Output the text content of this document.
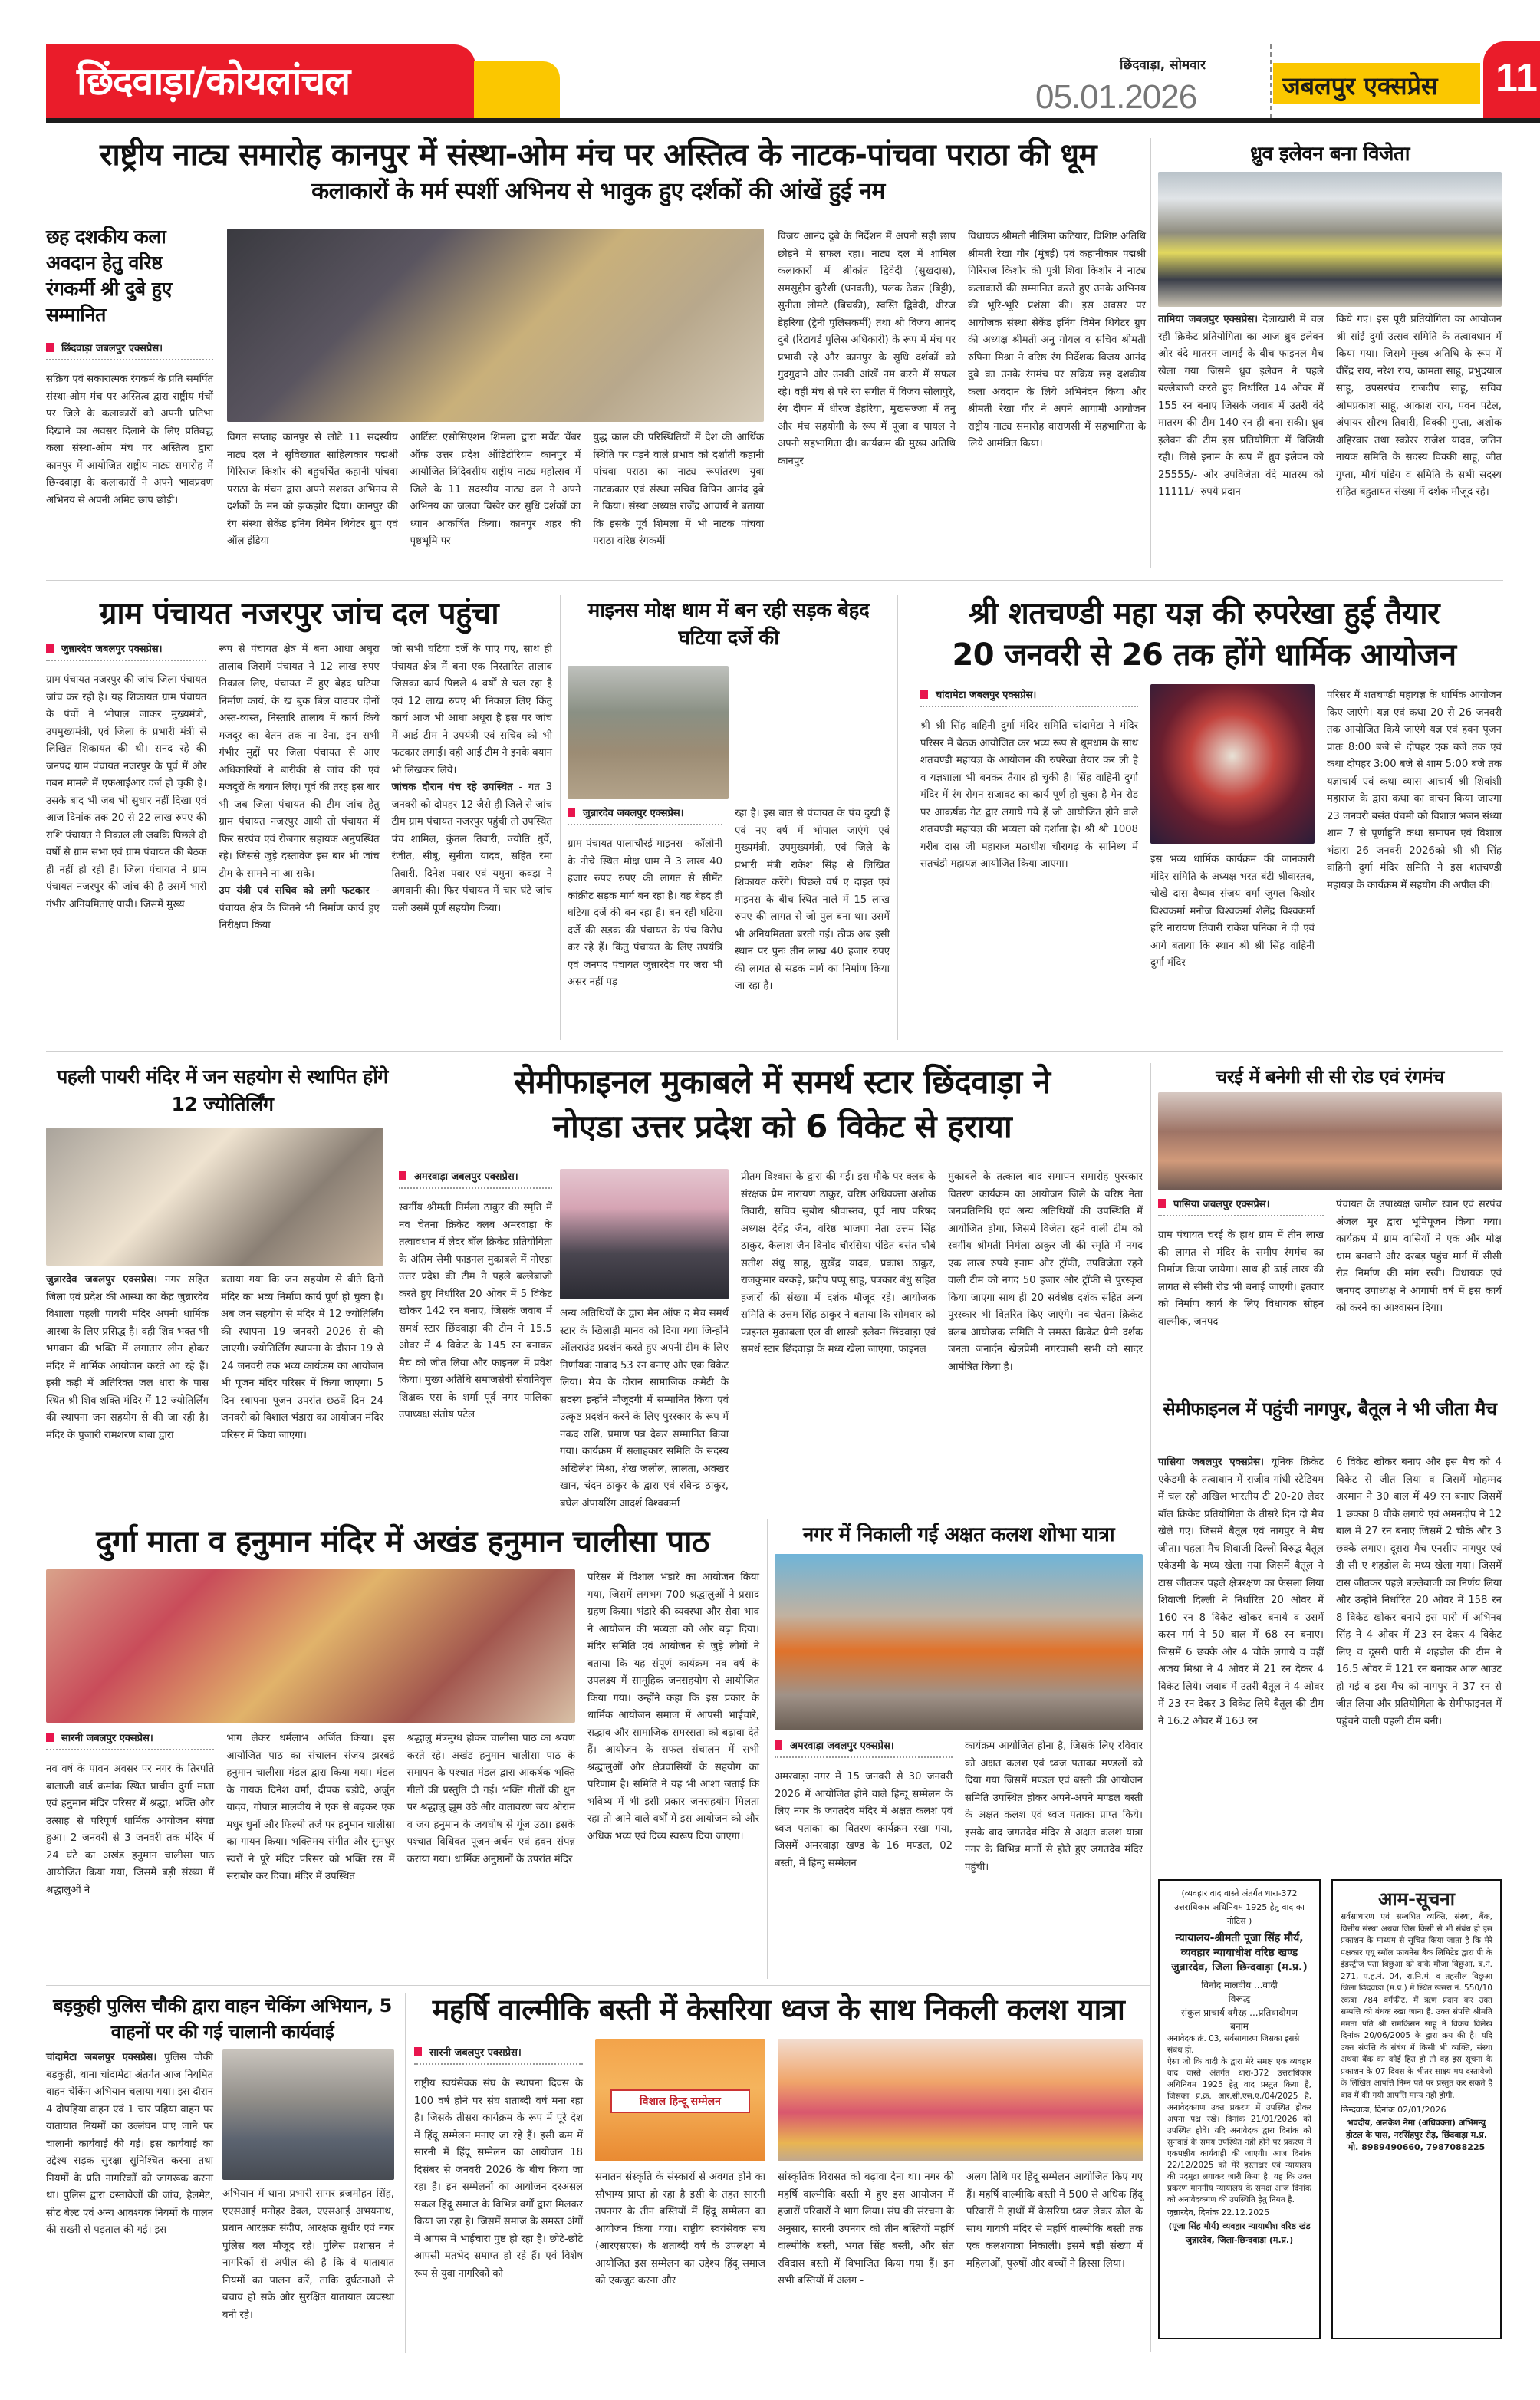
छिंदवाड़ा/कोयलांचल	छिंदवाड़ा, सोमवार
05.01.2026	जबलपुर एक्सप्रेस 11
राष्ट्रीय नाट्य समारोह कानपुर में संस्था-ओम मंच पर अस्तित्व के नाटक-पांचवा पराठा की धूम
कलाकारों के मर्म स्पर्शी अभिनय से भावुक हुए दर्शकों की आंखें हुई नम
छह दशकीय कला अवदान हेतु वरिष्ठ रंगकर्मी श्री दुबे हुए सम्मानित
छिंदवाड़ा जबलपुर एक्सप्रेस।
सक्रिय एवं सकारात्मक रंगकर्म के प्रति समर्पित संस्था-ओम मंच पर अस्तित्व द्वारा राष्ट्रीय मंचों पर जिले के कलाकारों को अपनी प्रतिभा दिखाने का अवसर दिलाने के लिए प्रतिबद्ध कला संस्था-ओम मंच पर अस्तित्व द्वारा कानपुर में आयोजित राष्ट्रीय नाट्य समारोह में छिन्दवाड़ा के कलाकारों ने अपने भावप्रवण अभिनय से अपनी अमिट छाप छोड़ी।
विगत सप्ताह कानपुर से लौटे 11 सदस्यीय नाट्य दल ने सुविख्यात साहित्यकार पद्मश्री गिरिराज किशोर की बहुचर्चित कहानी पांचवा पराठा के मंचन द्वारा अपने सशक्त अभिनय से दर्शकों के मन को झकझोर दिया। कानपुर की रंग संस्था सेकेंड इनिंग विमेन थियेटर ग्रुप एवं ऑल इंडिया
आर्टिस्ट एसोसिएशन शिमला द्वारा मर्चेंट चेंबर ऑफ उत्तर प्रदेश ऑडिटोरियम कानपुर में आयोजित त्रिदिवसीय राष्ट्रीय नाट्य महोत्सव में जिले के 11 सदस्यीय नाट्य दल ने अपने अभिनय का जलवा बिखेर कर सुधि दर्शकों का ध्यान आकर्षित किया। कानपुर शहर की पृष्ठभूमि पर
युद्ध काल की परिस्थितियों में देश की आर्थिक स्थिति पर पड़ने वाले प्रभाव को दर्शाती कहानी पांचवा पराठा का नाट्य रूपांतरण युवा नाटककार एवं संस्था सचिव विपिन आनंद दुबे ने किया। संस्था अध्यक्ष राजेंद्र आचार्य ने बताया कि इसके पूर्व शिमला में भी नाटक पांचवा पराठा वरिष्ठ रंगकर्मी
विजय आनंद दुबे के निर्देशन में अपनी सही छाप छोड़ने में सफल रहा। नाट्य दल में शामिल कलाकारों में श्रीकांत द्विवेदी (सुखदास), समसुद्दीन कुरैशी (धनवती), पलक ठेकर (बिट्टी), सुनीता लोमटे (बिचकी), स्वस्ति द्विवेदी, धीरज डेहरिया (ट्रेनी पुलिसकर्मी) तथा श्री विजय आनंद दुबे (रिटायर्ड पुलिस अधिकारी) के रूप में मंच पर प्रभावी रहे और कानपुर के सुधि दर्शकों को गुदगुदाने और उनकी आंखें नम करने में सफल रहे। वहीं मंच से परे रंग संगीत में विजय सोलापुरे, रंग दीपन में धीरज डेहरिया, मुखसज्जा में तनु और मंच सहयोगी के रूप में पूजा व पायल ने अपनी सहभागिता दी। कार्यक्रम की मुख्य अतिथि कानपुर
विधायक श्रीमती नीलिमा कटियार, विशिष्ट अतिथि श्रीमती रेखा गौर (मुंबई) एवं कहानीकार पद्मश्री गिरिराज किशोर की पुत्री शिवा किशोर ने नाट्य कलाकारों की सम्मानित करते हुए उनके अभिनय की भूरि-भूरि प्रशंसा की। इस अवसर पर आयोजक संस्था सेकेंड इनिंग विमेन थियेटर ग्रुप की अध्यक्ष श्रीमती अनु गोयल व सचिव श्रीमती रुपिना मिश्रा ने वरिष्ठ रंग निर्देशक विजय आनंद दुबे का उनके रंगमंच पर सक्रिय छह दशकीय कला अवदान के लिये अभिनंदन किया और श्रीमती रेखा गौर ने अपने आगामी आयोजन राष्ट्रीय नाट्य समारोह वाराणसी में सहभागिता के लिये आमंत्रित किया।
ध्रुव इलेवन बना विजेता
तामिया जबलपुर एक्सप्रेस। देलाखारी में चल रही क्रिकेट प्रतियोगिता का आज ध्रुव इलेवन ओर वंदे मातरम जामई के बीच फाइनल मैच खेला गया जिसमे ध्रुव इलेवन ने पहले बल्लेबाजी करते हुए निर्धारित 14 ओवर में 155 रन बनाए जिसके जवाब में उतरी वंदे मातरम की टीम 140 रन ही बना सकी। ध्रुव इलेवन की टीम इस प्रतियोगिता में विजियी रही। जिसे इनाम के रूप में ध्रुव इलेवन को 25555/- ओर उपविजेता वंदे मातरम को 11111/- रुपये प्रदान
किये गए। इस पूरी प्रतियोगिता का आयोजन श्री सांई दुर्गा उत्सव समिति के तत्वावधान में किया गया। जिसमे मुख्य अतिथि के रूप में वीरेंद्र राय, नरेश राय, कामता साहू, प्रभुदयाल साहू, उपसरपंच राजदीप साहू, सचिव ओमप्रकाश साहू, आकाश राय, पवन पटेल, अंपायर सौरभ तिवारी, विक्की गुप्ता, अशोक अहिरवार तथा स्कोरर राजेश यादव, जतिन नायक समिति के सदस्य विक्की साहू, जीत गुप्ता, मौर्य पांडेय व समिति के सभी सदस्य सहित बहुतायत संख्या में दर्शक मौजूद रहे।
ग्राम पंचायत नजरपुर जांच दल पहुंचा
जुन्नारदेव जबलपुर एक्सप्रेस।
ग्राम पंचायत नजरपुर की जांच जिला पंचायत जांच कर रही है। यह शिकायत ग्राम पंचायत के पंचों ने भोपाल जाकर मुख्यमंत्री, उपमुख्यमंत्री, एवं जिला के प्रभारी मंत्री से लिखित शिकायत की थी। सनद रहे की जनपद ग्राम पंचायत नजरपुर के पूर्व में और गबन मामले में एफआईआर दर्ज हो चुकी है। उसके बाद भी जब भी सुधार नहीं दिखा एवं आज दिनांक तक 20 से 22 लाख रुपए की राशि पंचायत ने निकाल ली जबकि पिछले दो वर्षों से ग्राम सभा एवं ग्राम पंचायत की बैठक ही नहीं हो रही है। जिला पंचायत ने ग्राम पंचायत नजरपुर की जांच की है उसमें भारी गंभीर अनियमिताएं पायी। जिसमें मुख्य
रूप से पंचायत क्षेत्र में बना आधा अधूरा तालाब जिसमें पंचायत ने 12 लाख रुपए निकाल लिए, पंचायत में हुए बेहद घटिया निर्माण कार्य, के ख बुक बिल वाउचर दोनों अस्त-व्यस्त, निस्तारि तालाब में कार्य किये मजदूर का वेतन तक ना देना, इन सभी गंभीर मुद्दों पर जिला पंचायत से आए अधिकारियों ने बारीकी से जांच की एवं मजदूरों के बयान लिए। पूर्व की तरह इस बार भी जब जिला पंचायत की टीम जांच हेतु ग्राम पंचायत नजरपुर आयी तो पंचायत में फिर सरपंच एवं रोजगार सहायक अनुपस्थित रहे। जिससे जुड़े दस्तावेज इस बार भी जांच टीम के सामने ना आ सके।
उप यंत्री एवं सचिव को लगी फटकार - पंचायत क्षेत्र के जितने भी निर्माण कार्य हुए निरीक्षण किया
जो सभी घटिया दर्जे के पाए गए, साथ ही पंचायत क्षेत्र में बना एक निस्तारित तालाब जिसका कार्य पिछले 4 वर्षों से चल रहा है एवं 12 लाख रुपए भी निकाल लिए किंतु कार्य आज भी आधा अधूरा है इस पर जांच में आई टीम ने उपयंत्री एवं सचिव को भी फटकार लगाई। वही आई टीम ने इनके बयान भी लिखकर लिये।
जांचक दौरान पंच रहे उपस्थित - गत 3 जनवरी को दोपहर 12 जैसे ही जिले से जांच टीम ग्राम पंचायत नजरपुर पहुंची तो उपस्थित पंच शामिल, कुंतल तिवारी, ज्योति धुर्वे, रंजीत, सीबू, सुनीता यादव, सहित रमा तिवारी, दिनेश पवार एवं यमुना कवड़ा ने अगवानी की। फिर पंचायत में चार घंटे जांच चली उसमें पूर्ण सहयोग किया।
माइनस मोक्ष धाम में बन रही सड़क बेहद घटिया दर्जे की
जुन्नारदेव जबलपुर एक्सप्रेस।
ग्राम पंचायत पालाचौरई माइनस - कॉलोनी के नीचे स्थित मोक्ष धाम में 3 लाख 40 हजार रुपए रुपए की लागत से सीमेंट कांक्रीट सड़क मार्ग बन रहा है। वह बेहद ही घटिया दर्जे की बन रहा है। बन रही घटिया दर्जे की सड़क की पंचायत के पंच विरोध कर रहे हैं। किंतु पंचायत के लिए उपयंत्रि एवं जनपद पंचायत जुन्नारदेव पर जरा भी असर नहीं पड़
रहा है। इस बात से पंचायत के पंच दुखी हैं एवं नए वर्ष में भोपाल जाएंगे एवं मुख्यमंत्री, उपमुख्यमंत्री, एवं जिले के प्रभारी मंत्री राकेश सिंह से लिखित शिकायत करेंगे। पिछले वर्ष ए दाइत एवं माइनस के बीच स्थित नाले में 15 लाख रुपए की लागत से जो पुल बना था। उसमें भी अनियमितता बरती गई। ठीक अब इसी स्थान पर पुनः तीन लाख 40 हजार रुपए की लागत से सड़क मार्ग का निर्माण किया जा रहा है।
श्री शतचण्डी महा यज्ञ की रुपरेखा हुई तैयार
20 जनवरी से 26 तक होंगे धार्मिक आयोजन
चांदामेटा जबलपुर एक्सप्रेस।
श्री श्री सिंह वाहिनी दुर्गा मंदिर समिति चांदामेटा ने मंदिर परिसर में बैठक आयोजित कर भव्य रूप से धूमधाम के साथ शतचण्डी महायज्ञ के आयोजन की रुपरेखा तैयार कर ली है व यज्ञशाला भी बनकर तैयार हो चुकी है। सिंह वाहिनी दुर्गा मंदिर में रंग रोगन सजावट का कार्य पूर्ण हो चुका है मेन रोड पर आकर्षक गेट द्वार लगाये गये हैं जो आयोजित होने वाले शतचण्डी महायज्ञ की भव्यता को दर्शाता है। श्री श्री 1008 गरीब दास जी महाराज मठाधीश चौरागढ़ के सानिध्य में सतचंडी महायज्ञ आयोजित किया जाएगा।	इस भव्य धार्मिक कार्यक्रम की जानकारी मंदिर समिति के अध्यक्ष भरत बंटी श्रीवास्तव, चोखे दास वैष्णव संजय वर्मा जुगल किशोर विश्वकर्मा मनोज विश्वकर्मा शैलेंद्र विश्वकर्मा हरि नारायण तिवारी राकेश पनिका ने दी एवं आगे बताया कि स्थान श्री श्री सिंह वाहिनी दुर्गा मंदिर
परिसर मैं शतचण्डी महायज्ञ के धार्मिक आयोजन किए जाएंगे। यज्ञ एवं कथा 20 से 26 जनवरी तक आयोजित किये जाएंगे यज्ञ एवं हवन पूजन प्रातः 8:00 बजे से दोपहर एक बजे तक एवं कथा दोपहर 3:00 बजे से शाम 5:00 बजे तक यज्ञाचार्य एवं कथा व्यास आचार्य श्री शिवांशी महाराज के द्वारा कथा का वाचन किया जाएगा 23 जनवरी बसंत पंचमी को विशाल भजन संध्या शाम 7 से पूर्णाहुति कथा समापन एवं विशाल भंडारा 26 जनवरी 2026को श्री श्री सिंह वाहिनी दुर्गा मंदिर समिति ने इस शतचण्डी महायज्ञ के कार्यक्रम में सहयोग की अपील की।
पहली पायरी मंदिर में जन सहयोग से स्थापित होंगे 12 ज्योतिर्लिंग
जुन्नारदेव जबलपुर एक्सप्रेस। नगर सहित जिला एवं प्रदेश की आस्था का केंद्र जुन्नारदेव विशाला पहली पायरी मंदिर अपनी धार्मिक आस्था के लिए प्रसिद्ध है। वही शिव भक्त भी भगवान की भक्ति में लगातार लीन होकर मंदिर में धार्मिक आयोजन करते आ रहे हैं। इसी कड़ी में अतिरिक्त जल धारा के पास स्थित श्री शिव शक्ति मंदिर में 12 ज्योतिर्लिंग की स्थापना जन सहयोग से की जा रही है। मंदिर के पुजारी रामशरण बाबा द्वारा
बताया गया कि जन सहयोग से बीते दिनों मंदिर का भव्य निर्माण कार्य पूर्ण हो चुका है। अब जन सहयोग से मंदिर में 12 ज्योतिर्लिंग की स्थापना 19 जनवरी 2026 से की जाएगी। ज्योतिर्लिंग स्थापना के दौरान 19 से 24 जनवरी तक भव्य कार्यक्रम का आयोजन भी पूजन मंदिर परिसर में किया जाएगा। 5 दिन स्थापना पूजन उपरांत छठवें दिन 24 जनवरी को विशाल भंडारा का आयोजन मंदिर परिसर में किया जाएगा।
सेमीफाइनल मुकाबले में समर्थ स्टार छिंदवाड़ा ने
नोएडा उत्तर प्रदेश को 6 विकेट से हराया
अमरवाड़ा जबलपुर एक्सप्रेस।
स्वर्गीय श्रीमती निर्मला ठाकुर की स्मृति में नव चेतना क्रिकेट क्लब अमरवाड़ा के तत्वावधान में लेदर बॉल क्रिकेट प्रतियोगिता के अंतिम सेमी फाइनल मुकाबले में नोएडा उत्तर प्रदेश की टीम ने पहले बल्लेबाजी करते हुए निर्धारित 20 ओवर में 5 विकेट खोकर 142 रन बनाए, जिसके जवाब में समर्थ स्टार छिंदवाड़ा की टीम ने 15.5 ओवर में 4 विकेट के 145 रन बनाकर मैच को जीत लिया और फाइनल में प्रवेश किया। मुख्य अतिथि समाजसेवी सेवानिवृत्त शिक्षक एस के शर्मा पूर्व नगर पालिका उपाध्यक्ष संतोष पटेल
अन्य अतिथियों के द्वारा मैन ऑफ द मैच समर्थ स्टार के खिलाड़ी मानव को दिया गया जिन्होंने ऑलराउंड प्रदर्शन करते हुए अपनी टीम के लिए निर्णायक नाबाद 53 रन बनाए और एक विकेट लिया। मैच के दौरान सामाजिक कमेटी के सदस्य इन्होंने मौजूदगी में सम्मानित किया एवं उत्कृष्ट प्रदर्शन करने के लिए पुरस्कार के रूप में नकद राशि, प्रमाण पत्र देकर सम्मानित किया गया। कार्यक्रम में सलाहकार समिति के सदस्य अखिलेश मिश्रा, शेख जलील, लालता, अक्खर खान, चंदन ठाकुर के द्वारा एवं रविन्द्र ठाकुर, बघेल अंपायरिंग आदर्श विश्वकर्मा
प्रीतम विश्वास के द्वारा की गई। इस मौके पर क्लब के संरक्षक प्रेम नारायण ठाकुर, वरिष्ठ अधिवक्ता अशोक तिवारी, सचिव सुबोध श्रीवास्तव, पूर्व नाप परिषद अध्यक्ष देवेंद्र जैन, वरिष्ठ भाजपा नेता उत्तम सिंह ठाकुर, कैलाश जैन विनोद चौरसिया पंडित बसंत चौबे सतीश संधु साहू, सुखेंद्र यादव, प्रकाश ठाकुर, राजकुमार बरकड़े, प्रदीप पप्पू साहू, पत्रकार बंधु सहित हजारों की संख्या में दर्शक मौजूद रहे। आयोजक समिति के उत्तम सिंह ठाकुर ने बताया कि सोमवार को फाइनल मुकाबला एल वी शास्त्री इलेवन छिंदवाड़ा एवं समर्थ स्टार छिंदवाड़ा के मध्य खेला जाएगा, फाइनल
मुकाबले के तत्काल बाद समापन समारोह पुरस्कार वितरण कार्यक्रम का आयोजन जिले के वरिष्ठ नेता जनप्रतिनिधि एवं अन्य अतिथियों की उपस्थिति में आयोजित होगा, जिसमें विजेता रहने वाली टीम को स्वर्गीय श्रीमती निर्मला ठाकुर जी की स्मृति में नगद एक लाख रुपये इनाम और ट्रॉफी, उपविजेता रहने वाली टीम को नगद 50 हजार और ट्रॉफी से पुरस्कृत किया जाएगा साथ ही 20 सर्वश्रेष्ठ दर्शक सहित अन्य पुरस्कार भी वितरित किए जाएंगे। नव चेतना क्रिकेट क्लब आयोजक समिति ने समस्त क्रिकेट प्रेमी दर्शक जनता जनार्दन खेलप्रेमी नगरवासी सभी को सादर आमंत्रित किया है।
चरई में बनेगी सी सी रोड एवं रंगमंच
पासिया जबलपुर एक्सप्रेस।
ग्राम पंचायत चरई के हाथ ग्राम में तीन लाख की लागत से मंदिर के समीप रंगमंच का निर्माण किया जायेगा। साथ ही ढाई लाख की लागत से सीसी रोड भी बनाई जाएगी। इतवार को निर्माण कार्य के लिए विधायक सोहन वाल्मीक, जनपद
पंचायत के उपाध्यक्ष जमील खान एवं सरपंच अंजल मुर द्वारा भूमिपूजन किया गया। कार्यक्रम में ग्राम वासियों ने एक और मोक्ष धाम बनवाने और दरबड़ पहुंच मार्ग में सीसी रोड निर्माण की मांग रखी। विधायक एवं जनपद उपाध्यक्ष ने आगामी वर्ष में इस कार्य को करने का आश्वासन दिया।
सेमीफाइनल में पहुंची नागपुर, बैतूल ने भी जीता मैच
पासिया जबलपुर एक्सप्रेस। यूनिक क्रिकेट एकेडमी के तत्वाधान में राजीव गांधी स्टेडियम में चल रही अखिल भारतीय टी 20-20 लेदर बॉल क्रिकेट प्रतियोगिता के तीसरे दिन दो मैच खेले गए। जिसमें बैतूल एवं नागपुर ने मैच जीता। पहला मैच शिवाजी दिल्ली विरुद्ध बैतूल एकेडमी के मध्य खेला गया जिसमें बैतूल ने टास जीतकर पहले क्षेत्ररक्षण का फैसला लिया शिवाजी दिल्ली ने निर्धारित 20 ओवर में 160 रन 8 विकेट खोकर बनाये व उसमें करन गर्ग ने 50 बाल में 68 रन बनाए। जिसमें 6 छक्के और 4 चौके लगाये व वहीं अजय मिश्रा ने 4 ओवर में 21 रन देकर 4 विकेट लिये। जवाब में उतरी बैतूल ने 4 ओवर में 23 रन देकर 3 विकेट लिये बैतूल की टीम ने 16.2 ओवर में 163 रन
6 विकेट खोकर बनाए और इस मैच को 4 विकेट से जीत लिया व जिसमें मोहम्मद अरमान ने 30 बाल में 49 रन बनाए जिसमें 1 छक्का 8 चौके लगाये एवं अमनदीप ने 12 बाल में 27 रन बनाए जिसमें 2 चौके और 3 छक्के लगाए। दूसरा मैच एनसीए नागपुर एवं डी सी ए शहडोल के मध्य खेला गया। जिसमें टास जीतकर पहले बल्लेबाजी का निर्णय लिया और उन्होंने निर्धारित 20 ओवर में 158 रन 8 विकेट खोकर बनाये इस पारी में अभिनव सिंह ने 4 ओवर में 23 रन देकर 4 विकेट लिए व दूसरी पारी में शहडोल की टीम ने 16.5 ओवर में 121 रन बनाकर आल आउट हो गई व इस मैच को नागपुर ने 37 रन से जीत लिया और प्रतियोगिता के सेमीफाइनल में पहुंचने वाली पहली टीम बनी।
दुर्गा माता व हनुमान मंदिर में अखंड हनुमान चालीसा पाठ
सारनी जबलपुर एक्सप्रेस।
नव वर्ष के पावन अवसर पर नगर के तिरपति बालाजी वार्ड क्रमांक स्थित प्राचीन दुर्गा माता एवं हनुमान मंदिर परिसर में श्रद्धा, भक्ति और उत्साह से परिपूर्ण धार्मिक आयोजन संपन्न हुआ। 2 जनवरी से 3 जनवरी तक मंदिर में 24 घंटे का अखंड हनुमान चालीसा पाठ आयोजित किया गया, जिसमें बड़ी संख्या में श्रद्धालुओं ने
भाग लेकर धर्मलाभ अर्जित किया। इस आयोजित पाठ का संचालन संजय झरबडे हनुमान चालीसा मंडल द्वारा किया गया। मंडल के गायक दिनेश वर्मा, दीपक बड़ोदे, अर्जुन यादव, गोपाल मालवीय ने एक से बढ़कर एक मधुर धुनों और फिल्मी तर्ज पर हनुमान चालीसा का गायन किया। भक्तिमय संगीत और सुमधुर स्वरों ने पूरे मंदिर परिसर को भक्ति रस में सराबोर कर दिया। मंदिर में उपस्थित
श्रद्धालु मंत्रमुग्ध होकर चालीसा पाठ का श्रवण करते रहे। अखंड हनुमान चालीसा पाठ के समापन के पश्चात मंडल द्वारा आकर्षक भक्ति गीतों की प्रस्तुति दी गई। भक्ति गीतों की धुन पर श्रद्धालु झूम उठे और वातावरण जय श्रीराम व जय हनुमान के जयघोष से गूंज उठा। इसके पश्चात विधिवत पूजन-अर्चन एवं हवन संपन्न कराया गया। धार्मिक अनुष्ठानों के उपरांत मंदिर
परिसर में विशाल भंडारे का आयोजन किया गया, जिसमें लगभग 700 श्रद्धालुओं ने प्रसाद ग्रहण किया। भंडारे की व्यवस्था और सेवा भाव ने आयोजन की भव्यता को और बढ़ा दिया। मंदिर समिति एवं आयोजन से जुड़े लोगों ने बताया कि यह संपूर्ण कार्यक्रम नव वर्ष के उपलक्ष्य में सामूहिक जनसहयोग से आयोजित किया गया। उन्होंने कहा कि इस प्रकार के धार्मिक आयोजन समाज में आपसी भाईचारे, सद्भाव और सामाजिक समरसता को बढ़ावा देते हैं। आयोजन के सफल संचालन में सभी श्रद्धालुओं और क्षेत्रवासियों के सहयोग का परिणाम है। समिति ने यह भी आशा जताई कि भविष्य में भी इसी प्रकार जनसहयोग मिलता रहा तो आने वाले वर्षों में इस आयोजन को और अधिक भव्य एवं दिव्य स्वरूप दिया जाएगा।
नगर में निकाली गई अक्षत कलश शोभा यात्रा
अमरवाड़ा जबलपुर एक्सप्रेस।
अमरवाड़ा नगर में 15 जनवरी से 30 जनवरी 2026 में आयोजित होने वाले हिन्दू सम्मेलन के लिए नगर के जगतदेव मंदिर में अक्षत कलश एवं ध्वज पताका का वितरण कार्यक्रम रखा गया, जिसमें अमरवाड़ा खण्ड के 16 मण्डल, 02 बस्ती, में हिन्दु सम्मेलन
कार्यक्रम आयोजित होना है, जिसके लिए रविवार को अक्षत कलश एवं ध्वज पताका मण्डलों को दिया गया जिसमें मण्डल एवं बस्ती की आयोजन समिति उपस्थित होकर अपने-अपने मण्डल बस्ती के अक्षत कलश एवं ध्वज पताका प्राप्त किये। इसके बाद जगतदेव मंदिर से अक्षत कलश यात्रा नगर के विभिन्न मार्गो से होते हुए जगतदेव मंदिर पहुंची।
बड़कुही पुलिस चौकी द्वारा वाहन चेकिंग अभियान, 5 वाहनों पर की गई चालानी कार्यवाई
चांदामेटा जबलपुर एक्सप्रेस। पुलिस चौकी बड़कुही, थाना चांदामेटा अंतर्गत आज नियमित वाहन चेकिंग अभियान चलाया गया। इस दौरान 4 दोपहिया वाहन एवं 1 चार पहिया वाहन पर यातायात नियमों का उल्लंघन पाए जाने पर चालानी कार्यवाई की गई। इस कार्यवाई का उद्देश्य सड़क सुरक्षा सुनिश्चित करना तथा नियमों के प्रति नागरिकों को जागरूक करना था। पुलिस द्वारा दस्तावेजों की जांच, हेलमेट, सीट बेल्ट एवं अन्य आवश्यक नियमों के पालन की सख्ती से पड़ताल की गई। इस
अभियान में थाना प्रभारी सागर ब्रजमोहन सिंह, एएसआई मनोहर देवल, एएसआई अभयनाथ, प्रधान आरक्षक संदीप, आरक्षक सुधीर एवं नगर पुलिस बल मौजूद रहे। पुलिस प्रशासन ने नागरिकों से अपील की है कि वे यातायात नियमों का पालन करें, ताकि दुर्घटनाओं से बचाव हो सके और सुरक्षित यातायात व्यवस्था बनी रहे।
महर्षि वाल्मीकि बस्ती में केसरिया ध्वज के साथ निकली कलश यात्रा
सारनी जबलपुर एक्सप्रेस।
राष्ट्रीय स्वयंसेवक संघ के स्थापना दिवस के 100 वर्ष होने पर संघ शताब्दी वर्ष मना रहा है। जिसके तीसरा कार्यक्रम के रूप में पूरे देश में हिंदू सम्मेलन मनाए जा रहे हैं। इसी क्रम में सारनी में हिंदू सम्मेलन का आयोजन 18 दिसंबर से जनवरी 2026 के बीच किया जा रहा है। इन सम्मेलनों का आयोजन दरअसल सकल हिंदू समाज के विभिन्न वर्गों द्वारा मिलकर किया जा रहा है। जिसमें समाज के समस्त अंगों में आपस में भाईचारा पुष्ट हो रहा है। छोटे-छोटे आपसी मतभेद समाप्त हो रहे हैं। एवं विशेष रूप से युवा नागरिकों को
विशाल हिन्दू सम्मेलन
सनातन संस्कृति के संस्कारों से अवगत होने का सौभाग्य प्राप्त हो रहा है इसी के तहत सारनी उपनगर के तीन बस्तियों में हिंदू सम्मेलन का आयोजन किया गया। राष्ट्रीय स्वयंसेवक संघ (आरएसएस) के शताब्दी वर्ष के उपलक्ष्य में आयोजित इस सम्मेलन का उद्देश्य हिंदू समाज को एकजुट करना और
सांस्कृतिक विरासत को बढ़ावा देना था। नगर की महर्षि वाल्मीकि बस्ती में हुए इस आयोजन में हजारों परिवारों ने भाग लिया। संघ की संरचना के अनुसार, सारनी उपनगर को तीन बस्तियों महर्षि वाल्मीकि बस्ती, भगत सिंह बस्ती, और संत रविदास बस्ती में विभाजित किया गया हैं। इन सभी बस्तियों में अलग -
अलग तिथि पर हिंदू सम्मेलन आयोजित किए गए हैं। महर्षि वाल्मीकि बस्ती में 500 से अधिक हिंदू परिवारों ने हाथों में केसरिया ध्वज लेकर ढोल के साथ गायत्री मंदिर से महर्षि वाल्मीकि बस्ती तक एक कलशयात्रा निकाली। इसमें बड़ी संख्या में महिलाओं, पुरुषों और बच्चों ने हिस्सा लिया।
(व्यवहार वाद वास्ते अंतर्गत धारा-372 उत्तराधिकार अधिनियम 1925 हेतु वाद का नोटिस )
न्यायालय-श्रीमती पूजा सिंह मौर्य, व्यवहार न्यायाधीश वरिष्ठ खण्ड जुन्नारदेव, जिला छिन्दवाड़ा (म.प्र.)
विनोद मालवीय ...वादी
विरूद्ध
संकुल प्राचार्य वगैरह ...प्रतिवादीगण
बनाम
अनावेदक क्रं. 03, सर्वसाधारण जिसका इससे संबंध हो.
ऐसा जो कि वादी के द्वारा मेरे समक्ष एक व्यवहार वाद वास्ते अंतर्गत धारा-372 उत्तराधिकार अधिनियम 1925 हेतु वाद प्रस्तुत किया है, जिसका प्र.क्र. आर.सी.एस.ए./04/2025 है, अनावेदकगण उक्त प्रकरण में उपस्थित होकर अपना पक्ष रखें। दिनांक 21/01/2026 को उपस्थित होवें। यदि अनावेदक द्वारा दिनांक को सुनवाई के समय उपस्थित नहीं होने पर प्रकरण में एकपक्षीय कार्यवाही की जाएगी। आज दिनांक 22/12/2025 को मेरे हस्ताक्षर एवं न्यायालय की पदमुद्रा लगाकर जारी किया है. यह कि उक्त प्रकरण माननीय न्यायालय के समक्ष आज दिनांक को अनावेदकगण की उपस्थिति हेतु नियत है.
जुन्नारदेव, दिनांक 22.12.2025
(पूजा सिंह मौर्य) व्यवहार न्यायाधीश वरिष्ठ खंड जुन्नारदेव, जिला-छिन्दवाड़ा (म.प्र.)
आम-सूचना
सर्वसाधारण एवं सम्बधित व्यक्ति, संस्था, बैंक, वित्तीय संस्था अथवा जिस किसी से भी संबंध हो इस प्रकाशन के माध्यम से सूचित किया जाता है कि मेरे पक्षकार एयू स्मॉल फायनेंस बैंक लिमिटेड द्वारा पी के इंडस्ट्रीज पता बिछुआ को बांके मौजा बिछुआ, ब.नं. 271, प.ह.नं. 04, रा.नि.मं. व तहसील बिछुआ जिला छिंदवाडा (म.प्र.) में स्थित खसरा नं. 550/10 रकबा 784 वर्गफीट, में ऋण प्रदान कर उक्त सम्पत्ति को बंधक रखा जाना है. उक्त संपत्ति श्रीमति ममता पति श्री रामकिसन साहू ने विक्रय विलेख दिनांक 20/06/2005 के द्वारा क्रय की है। यदि उक्त संपत्ति के संबंध में किसी भी व्यक्ति, संस्था अथवा बैंक का कोई हित हो तो वह इस सूचना के प्रकाशन के 07 दिवस के भीतर साक्ष्य मय दस्तावेजों के लिखित आपत्ति निम्न पते पर प्रस्तुत कर सकते हैं बाद में की गयी आपत्ति मान्य नही होगी.
छिन्दवाडा, दिनांक 02/01/2026
भवदीय, अलकेश नेमा (अधिवक्ता) अभिमन्यु होटल के पास, नरसिंहपुर रोड़, छिंदवाड़ा म.प्र. मो. 8989490660, 7987088225
